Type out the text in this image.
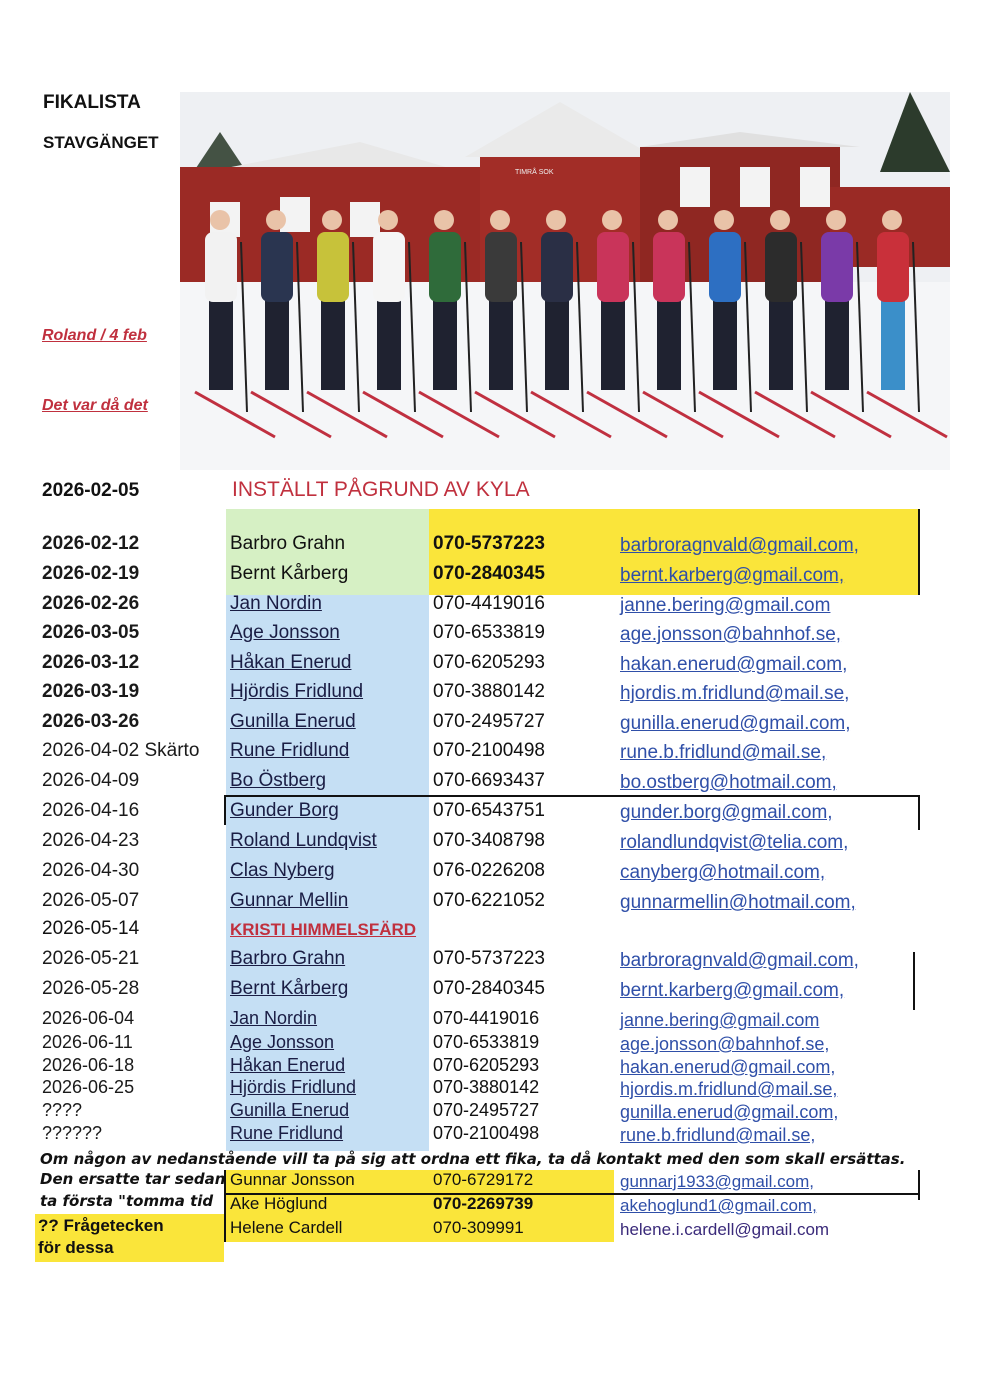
FIKALISTA
STAVGÄNGET
Roland / 4 feb
Det var då det
TIMRÅ SOK
2026-02-05	INSTÄLLT PÅGRUND AV KYLA
2026-02-12	Barbro Grahn	070-5737223	barbroragnvald@gmail.com,
2026-02-19	Bernt Kårberg	070-2840345	bernt.karberg@gmail.com,
2026-02-26	Jan Nordin	070-4419016	janne.bering@gmail.com
2026-03-05	Age Jonsson	070-6533819	age.jonsson@bahnhof.se,
2026-03-12	Håkan Enerud	070-6205293	hakan.enerud@gmail.com,
2026-03-19	Hjördis Fridlund	070-3880142	hjordis.m.fridlund@mail.se,
2026-03-26	Gunilla Enerud	070-2495727	gunilla.enerud@gmail.com,
2026-04-02 Skärto Rune Fridlund	070-2100498	rune.b.fridlund@mail.se,
2026-04-09	Bo Östberg	070-6693437	bo.ostberg@hotmail.com,
2026-04-16	Gunder Borg	070-6543751	gunder.borg@gmail.com,
2026-04-23	Roland Lundqvist	070-3408798	rolandlundqvist@telia.com,
2026-04-30	Clas Nyberg	076-0226208	canyberg@hotmail.com,
2026-05-07	Gunnar Mellin	070-6221052	gunnarmellin@hotmail.com,
2026-05-14	KRISTI HIMMELSFÄRD
2026-05-21	Barbro Grahn	070-5737223	barbroragnvald@gmail.com,
2026-05-28	Bernt Kårberg	070-2840345	bernt.karberg@gmail.com,
2026-06-04	Jan Nordin	070-4419016	janne.bering@gmail.com
2026-06-11	Age Jonsson	070-6533819	age.jonsson@bahnhof.se,
2026-06-18	Håkan Enerud	070-6205293	hakan.enerud@gmail.com,
2026-06-25	Hjördis Fridlund	070-3880142	hjordis.m.fridlund@mail.se,
????	Gunilla Enerud	070-2495727	gunilla.enerud@gmail.com,
??????	Rune Fridlund	070-2100498	rune.b.fridlund@mail.se,
Om någon av nedanstående vill ta på sig att ordna ett fika, ta då kontakt med den som skall ersättas.
Den ersatte tar sedan
ta första "tomma tid
?? Frågetecken
för dessa
Gunnar Jonsson	070-6729172	gunnarj1933@gmail.com,
Ake Höglund	070-2269739	akehoglund1@gmail.com,
Helene Cardell	070-309991	helene.i.cardell@gmail.com
